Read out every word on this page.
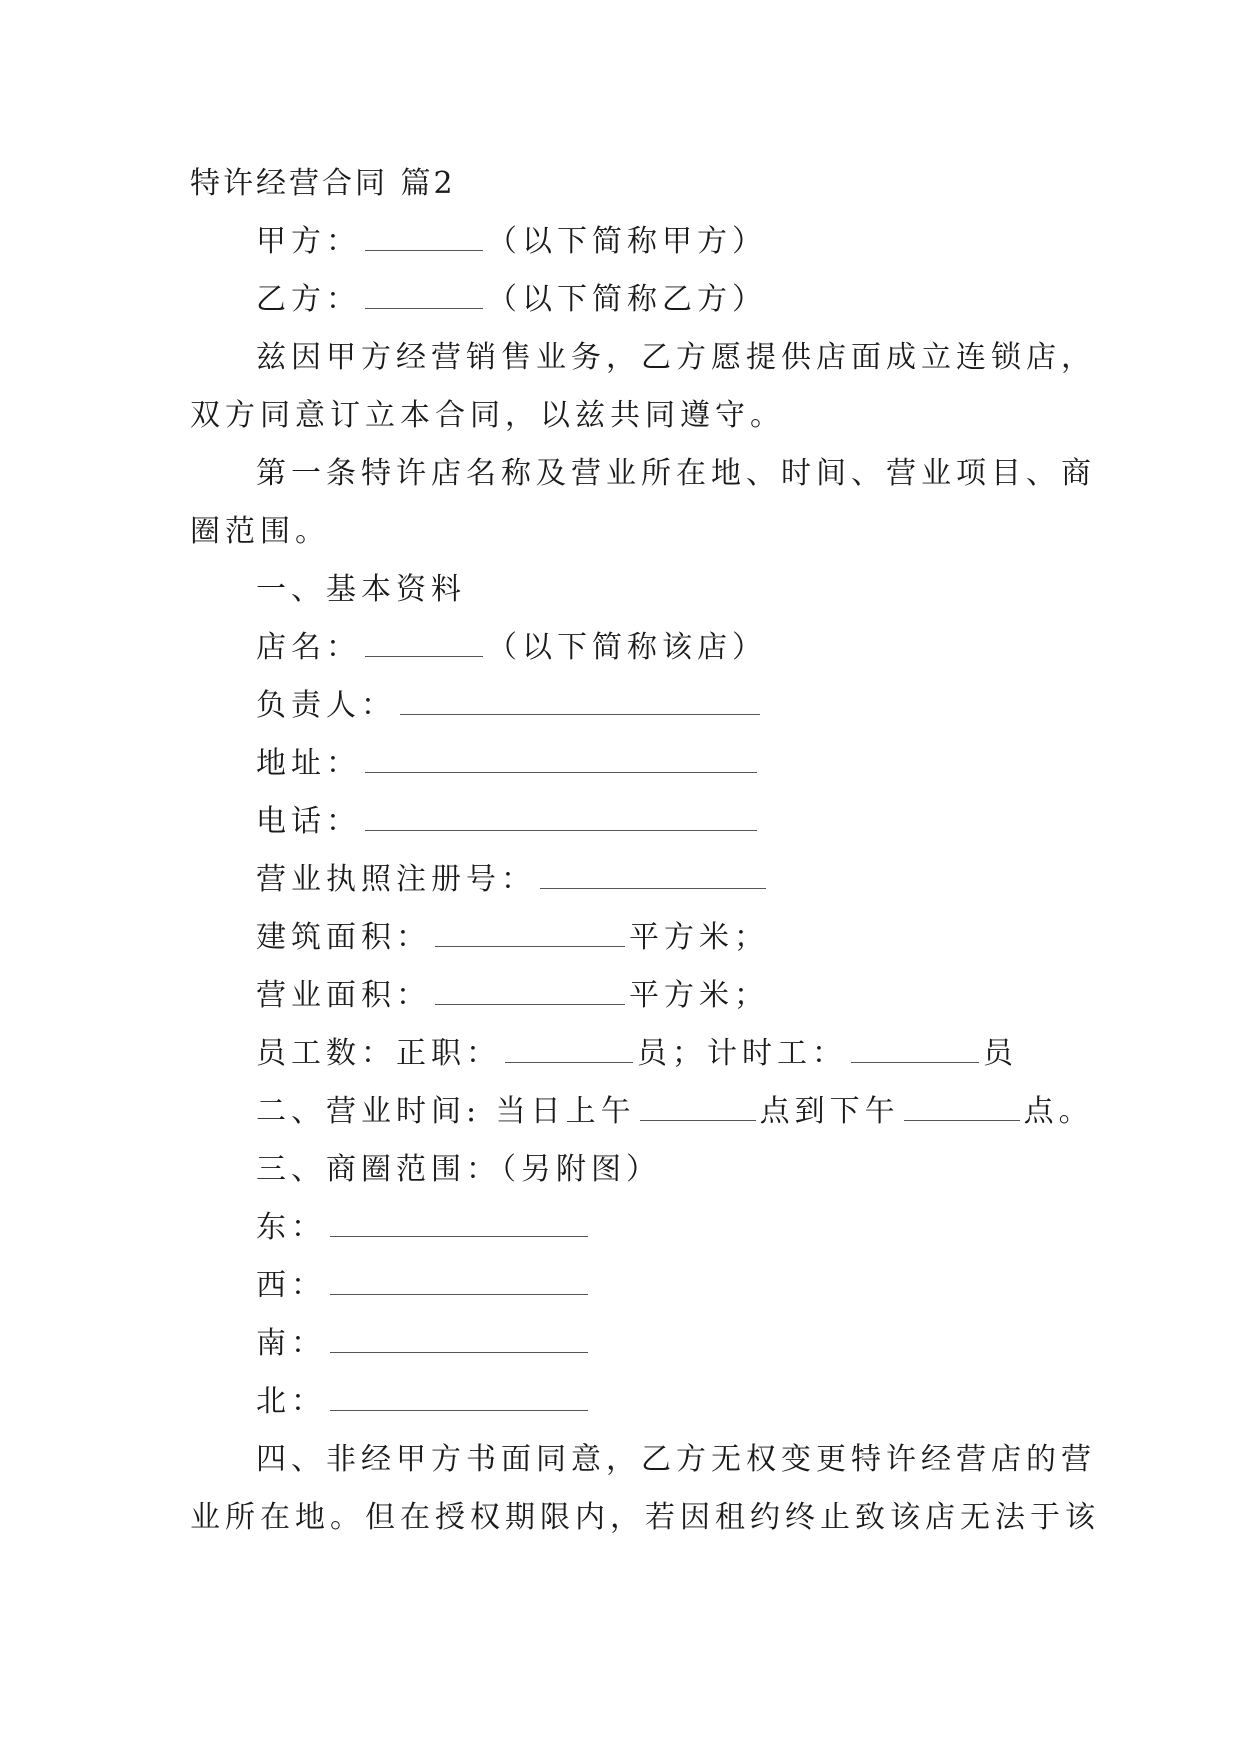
特许经营合同 篇2
甲方：	（以下简称甲方）
乙方：	（以下简称乙方）
兹因甲方经营销售业务，乙方愿提供店面成立连锁店，
双方同意订立本合同，以兹共同遵守。
第一条特许店名称及营业所在地、时间、营业项目、商
圈范围。
一、基本资料
店名：	（以下简称该店）
负责人：
地址：
电话：
营业执照注册号：
建筑面积：	平方米；
营业面积：	平方米；
员工数：正职：	员；计时工：	员
二、营业时间: 当日上午	点到下午	点。
三、商圈范围：（另附图）
东：
西：
南：
北：
四、非经甲方书面同意，乙方无权变更特许经营店的营
业所在地。但在授权期限内，若因租约终止致该店无法于该
